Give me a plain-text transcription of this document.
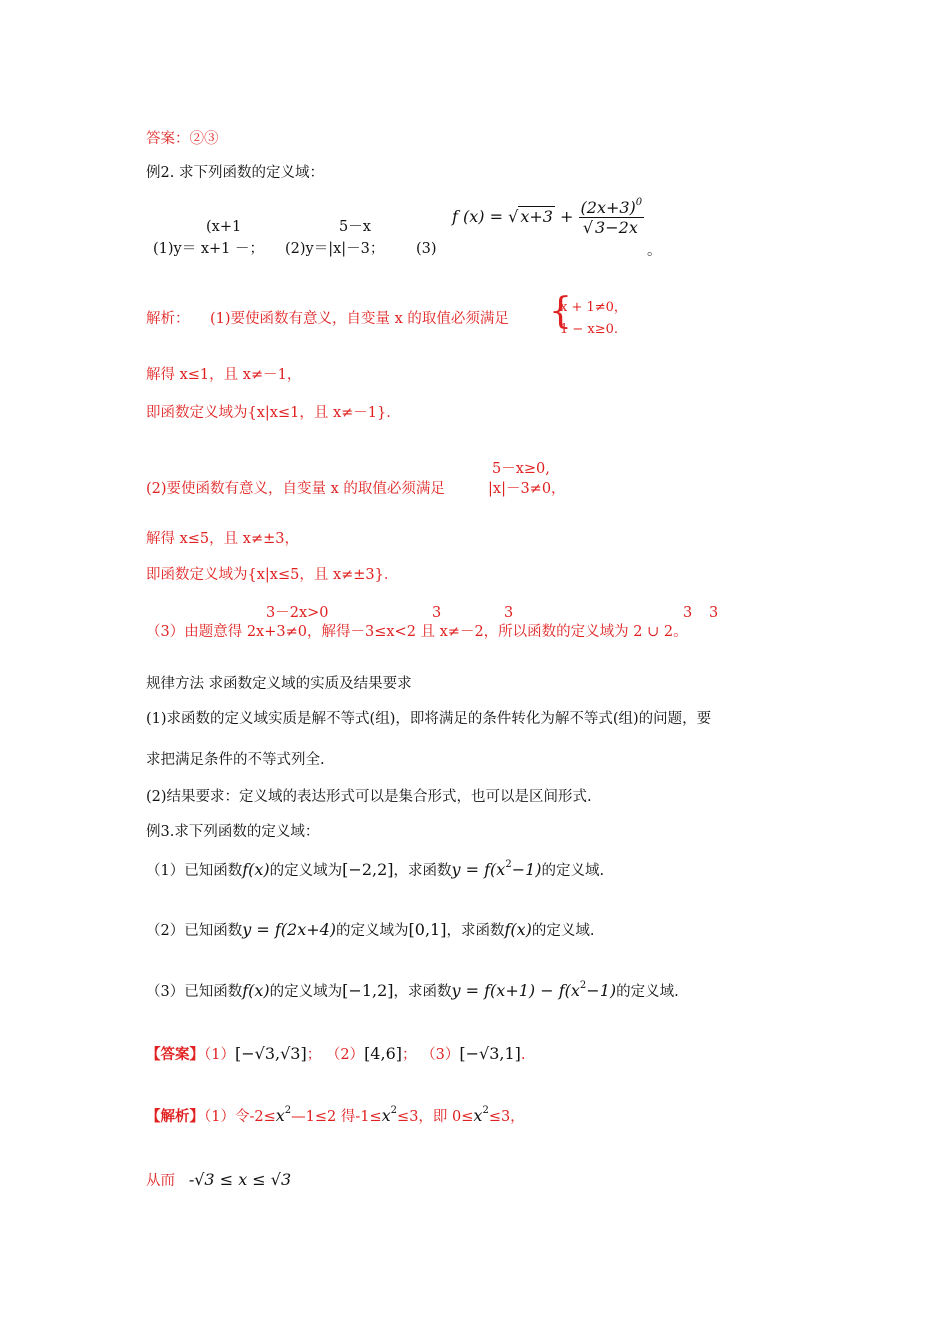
答案：②③
例2. 求下列函数的定义域：
(x+1
(1)y＝ x+1 －；
5－x
(2)y＝|x|－3； (3)
f (x) = √ $x+3 + \frac{(2x+3)^0}{√ 3-2x}$
。
解析： (1)要使函数有意义，自变量 x 的取值必须满足 {
x + 1≠0，
1 − x≥0.
解得 x≤1，且 x≠－1，
即函数定义域为{x|x≤1，且 x≠－1}．
5－x≥0,
(2)要使函数有意义，自变量 x 的取值必须满足	|x|－3≠0，
解得 x≤5，且 x≠±3，
即函数定义域为{x|x≤5，且 x≠±3}．
3－2x>0	3	3	3 3
（3）由题意得 2x+3≠0，解得－3≤x<2 且 x≠－2，所以函数的定义域为 2 ∪ 2。
规律方法 求函数定义域的实质及结果要求
(1)求函数的定义域实质是解不等式(组)，即将满足的条件转化为解不等式(组)的问题，要
求把满足条件的不等式列全.
(2)结果要求：定义域的表达形式可以是集合形式，也可以是区间形式.
例3.求下列函数的定义域：
（1）已知函数f(x)的定义域为[−2,2]，求函数$y = f(x^2-1)$的定义域.
（2）已知函数y = f(2x+4)的定义域为[0,1]，求函数f(x)的定义域.
（3）已知函数f(x)的定义域为[−1,2]，求函数$y = f(x+1) - f(x^2-1)$的定义域.
【答案】（1）[−√3,√3]； （2）[4,6]； （3）[−√3,1].
【解析】（1）令$-2\le x^2—1\le 2$ 得$-1\le x^2\le 3$，即 $0\le x^2\le 3$，
从而 -√3 ≤ x ≤ √3
